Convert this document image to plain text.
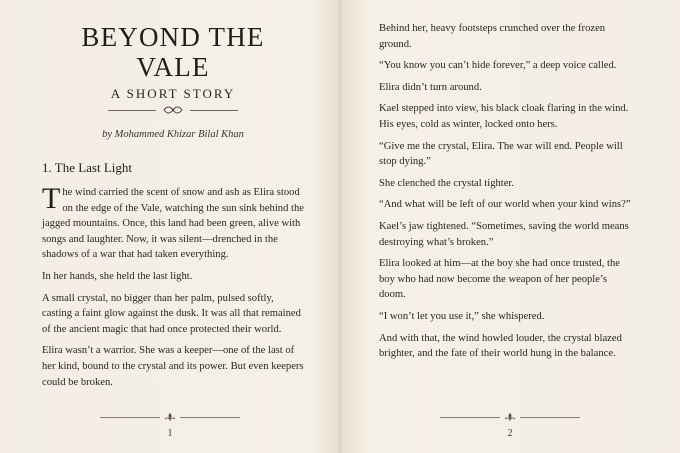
BEYOND THE VALE
A SHORT STORY
by Mohammed Khizar Bilal Khan
1. The Last Light

The wind carried the scent of snow and ash as Elira stood on the edge of the Vale, watching the sun sink behind the jagged mountains. Once, this land had been green, alive with songs and laughter. Now, it was silent—drenched in the shadows of a war that had taken everything.

In her hands, she held the last light.

A small crystal, no bigger than her palm, pulsed softly, casting a faint glow against the dusk. It was all that remained of the ancient magic that had once protected their world.

Elira wasn’t a warrior. She was a keeper—one of the last of her kind, bound to the crystal and its power. But even keepers could be broken.

1

Behind her, heavy footsteps crunched over the frozen ground.

“You know you can’t hide forever,” a deep voice called.

Elira didn’t turn around.

Kael stepped into view, his black cloak flaring in the wind. His eyes, cold as winter, locked onto hers.

“Give me the crystal, Elira. The war will end. People will stop dying.”

She clenched the crystal tighter.

“And what will be left of our world when your kind wins?”

Kael’s jaw tightened. “Sometimes, saving the world means destroying what’s broken.”

Elira looked at him—at the boy she had once trusted, the boy who had now become the weapon of her people’s doom.

“I won’t let you use it,” she whispered.

And with that, the wind howled louder, the crystal blazed brighter, and the fate of their world hung in the balance.

2
